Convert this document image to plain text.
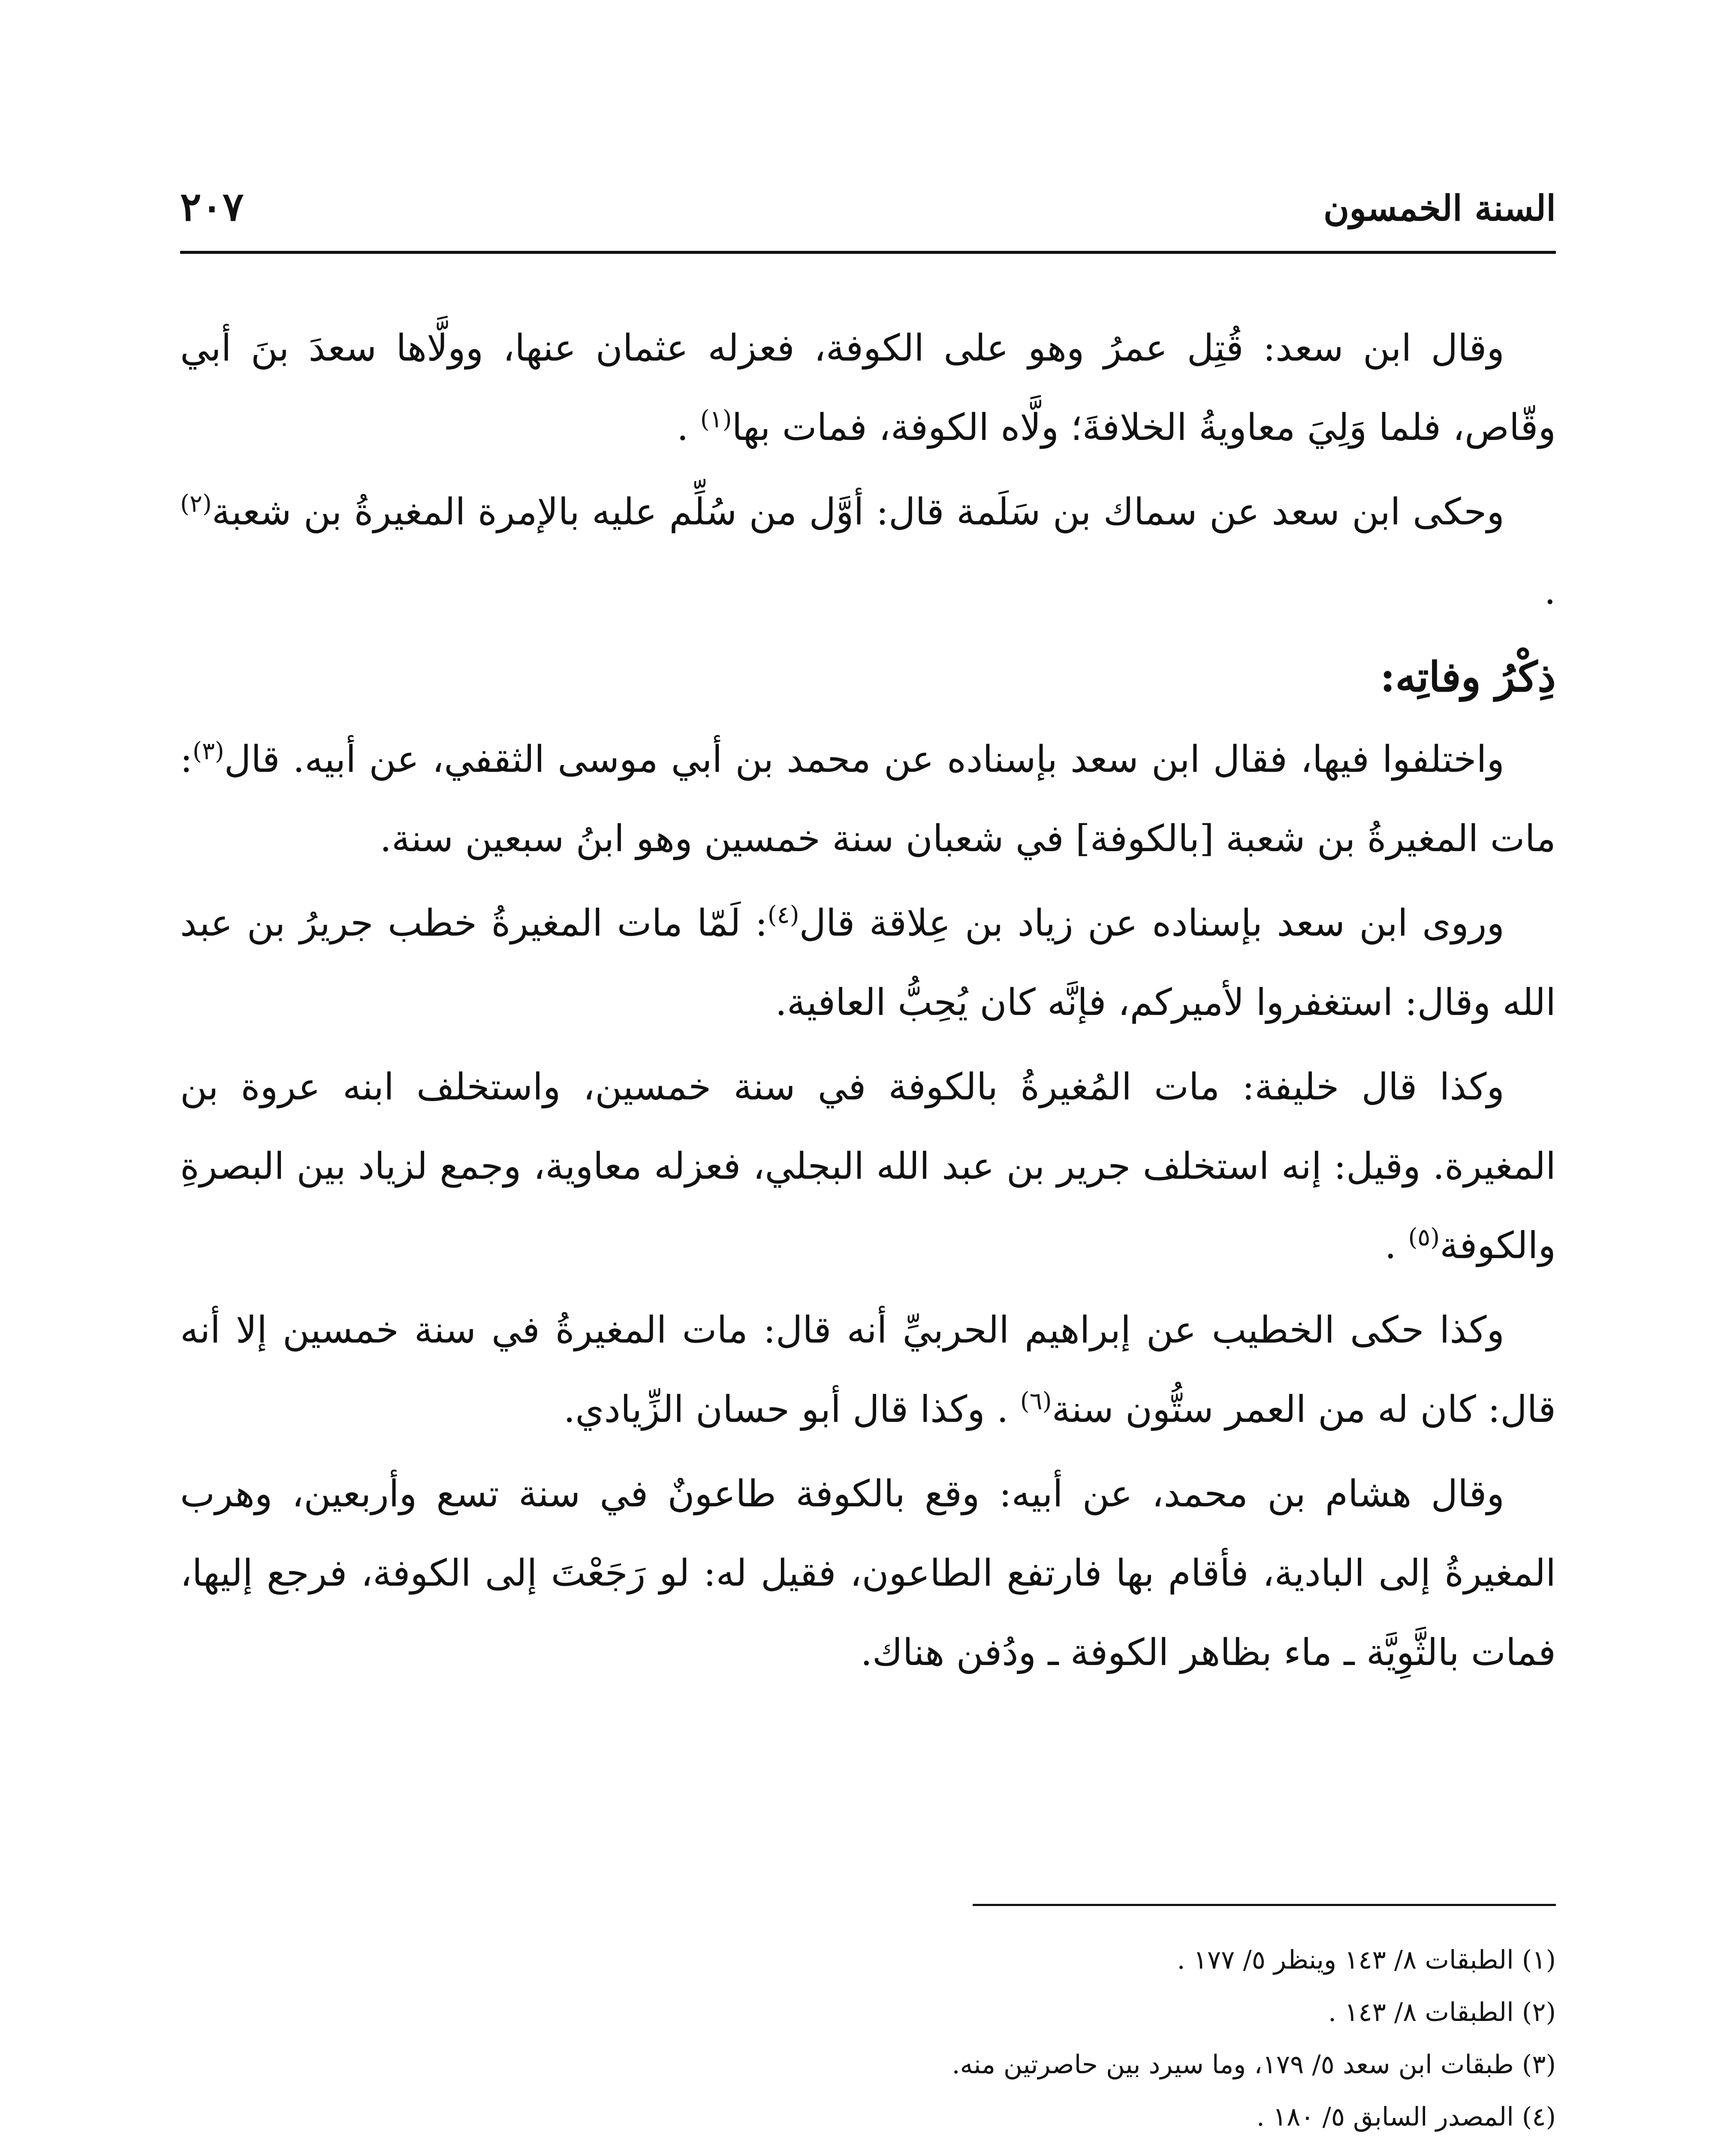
السنة الخمسون
٢٠٧

وقال ابن سعد: قُتِل عمرُ وهو على الكوفة، فعزله عثمان عنها، وولَّاها سعدَ بنَ أبي وقّاص، فلما وَلِيَ معاويةُ الخلافةَ؛ ولَّاه الكوفة، فمات بها$^{(١)}$ .

وحكى ابن سعد عن سماك بن سَلَمة قال: أوَّل من سُلِّم عليه بالإمرة المغيرةُ بن شعبة$^{(٢)}$ .

ذِكْرُ وفاتِه:

واختلفوا فيها، فقال ابن سعد بإسناده عن محمد بن أبي موسى الثقفي، عن أبيه. قال$^{(٣)}$: مات المغيرةُ بن شعبة [بالكوفة] في شعبان سنة خمسين وهو ابنُ سبعين سنة.

وروى ابن سعد بإسناده عن زياد بن عِلاقة قال$^{(٤)}$: لَمّا مات المغيرةُ خطب جريرُ بن عبد الله وقال: استغفروا لأميركم، فإنَّه كان يُحِبُّ العافية.

وكذا قال خليفة: مات المُغيرةُ بالكوفة في سنة خمسين، واستخلف ابنه عروة بن المغيرة. وقيل: إنه استخلف جرير بن عبد الله البجلي، فعزله معاوية، وجمع لزياد بين البصرةِ والكوفة$^{(٥)}$ .

وكذا حكى الخطيب عن إبراهيم الحربيِّ أنه قال: مات المغيرةُ في سنة خمسين إلا أنه قال: كان له من العمر ستُّون سنة$^{(٦)}$ . وكذا قال أبو حسان الزِّيادي.

وقال هشام بن محمد، عن أبيه: وقع بالكوفة طاعونٌ في سنة تسع وأربعين، وهرب المغيرةُ إلى البادية، فأقام بها فارتفع الطاعون، فقيل له: لو رَجَعْتَ إلى الكوفة، فرجع إليها، فمات بالثَّوِيَّة ـ ماء بظاهر الكوفة ـ ودُفن هناك.

(١) الطبقات ٨/ ١٤٣ وينظر ٥/ ١٧٧ .

(٢) الطبقات ٨/ ١٤٣ .

(٣) طبقات ابن سعد ٥/ ١٧٩، وما سيرد بين حاصرتين منه.

(٤) المصدر السابق ٥/ ١٨٠ .
